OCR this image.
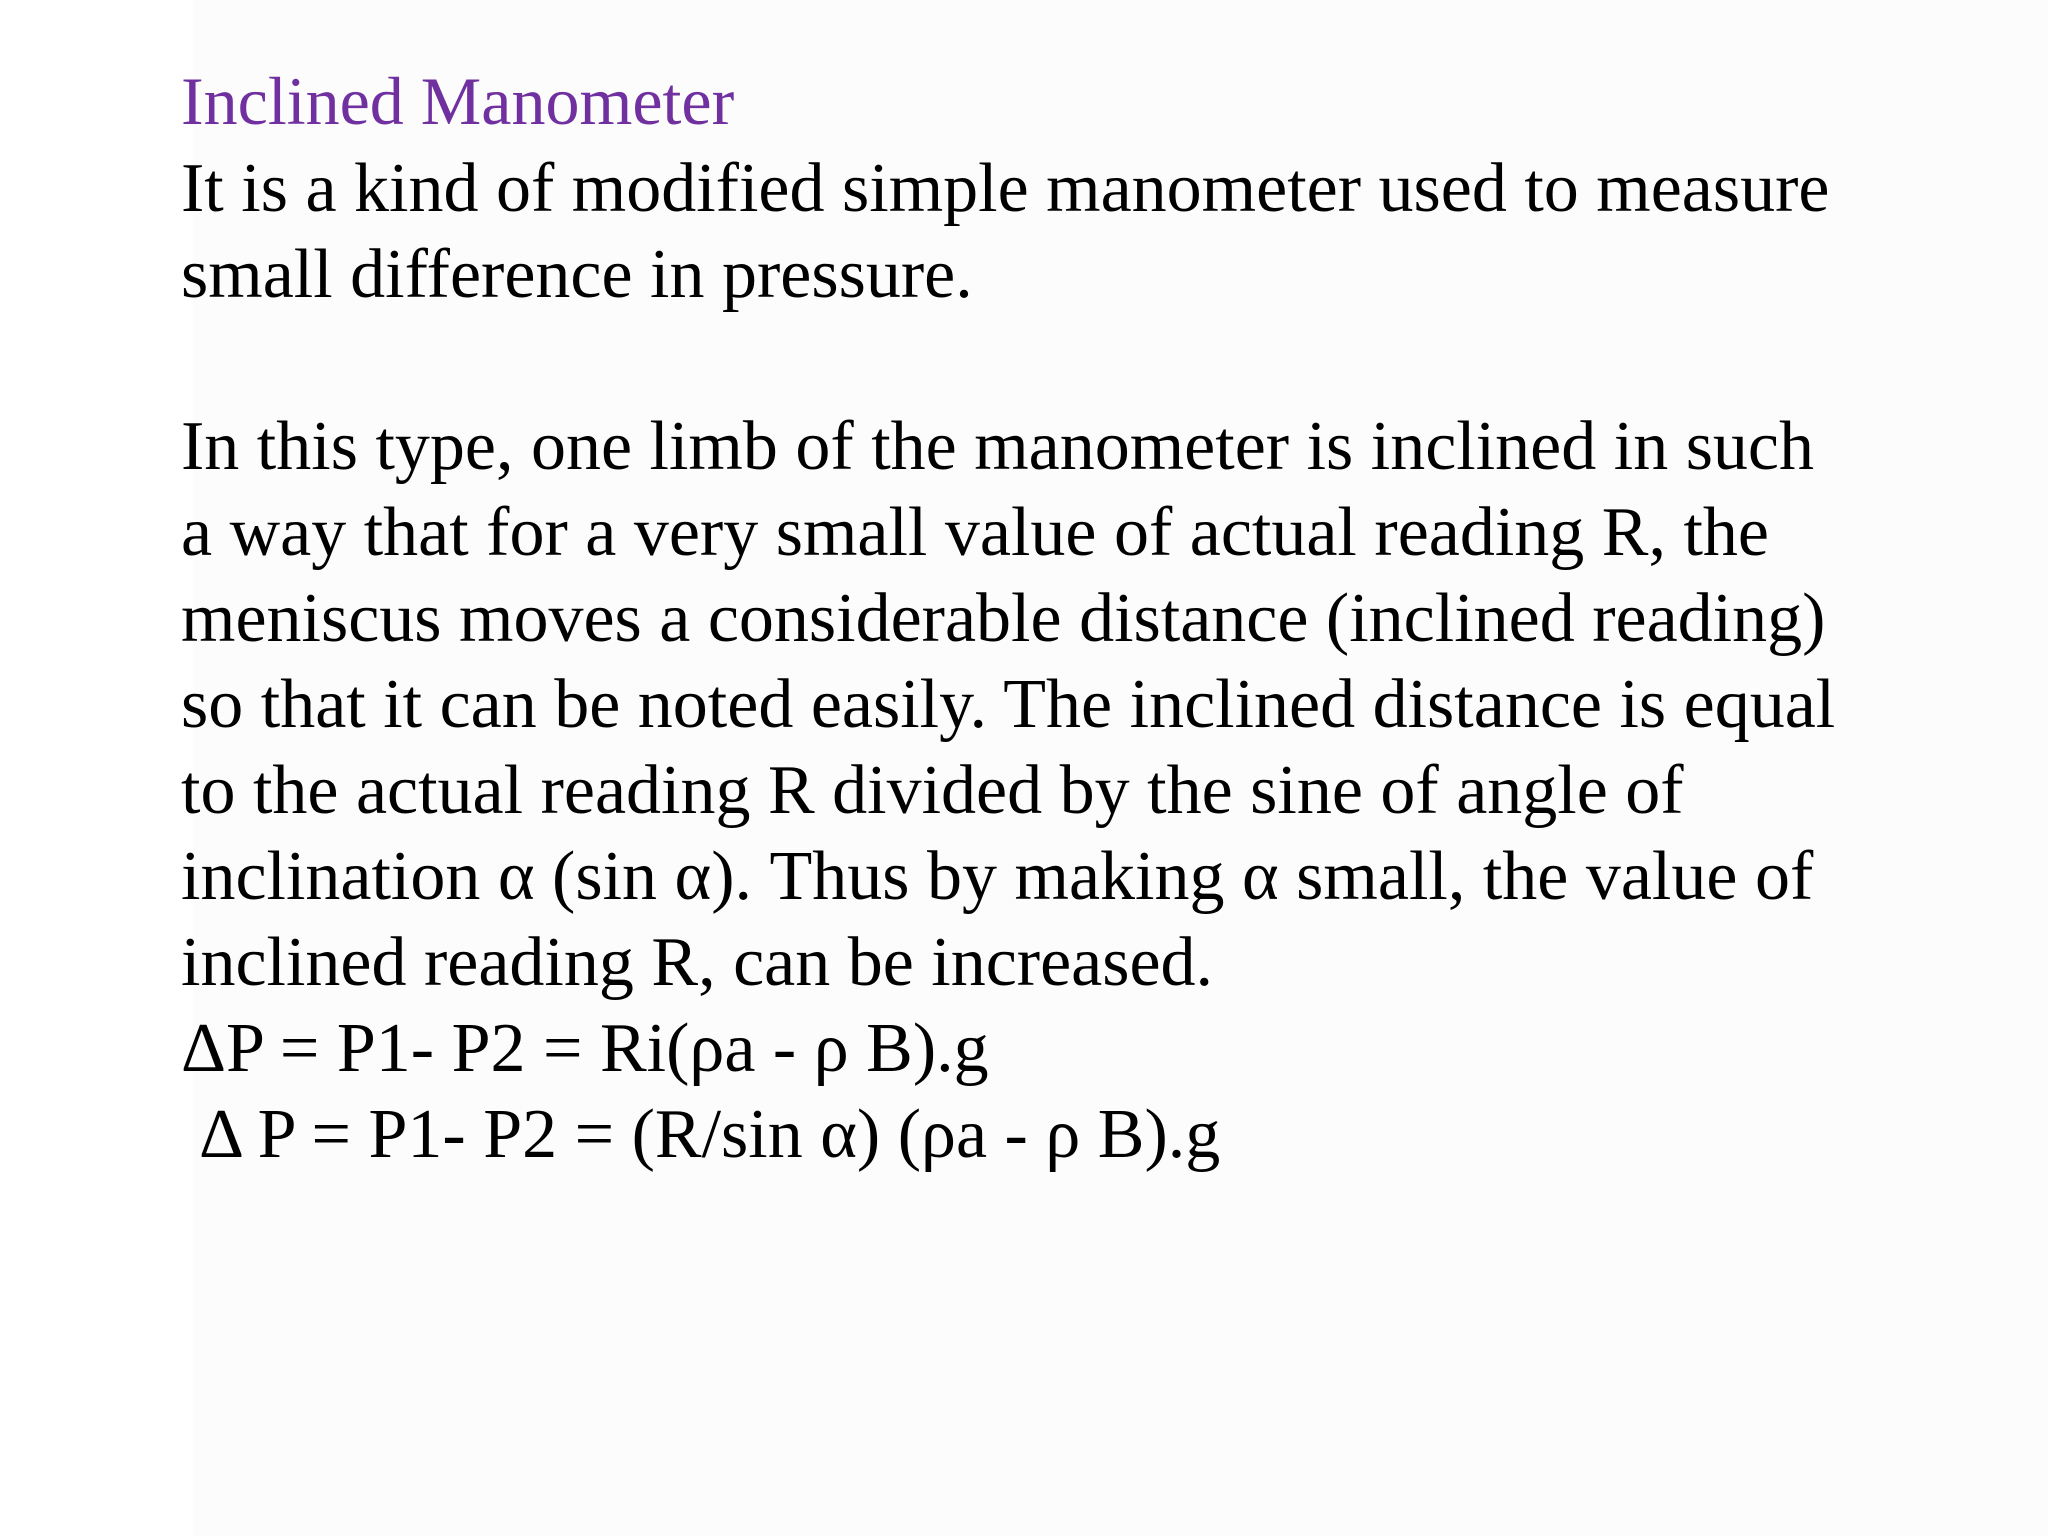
Inclined Manometer
It is a kind of modified simple manometer used to measure
small difference in pressure.
In this type, one limb of the manometer is inclined in such
a way that for a very small value of actual reading R, the
meniscus moves a considerable distance (inclined reading)
so that it can be noted easily. The inclined distance is equal
to the actual reading R divided by the sine of angle of
inclination α (sin α). Thus by making α small, the value of
inclined reading R, can be increased.
ΔP = P1- P2 = Ri(ρa - ρ B).g
Δ P = P1- P2 = (R/sin α) (ρa - ρ B).g
